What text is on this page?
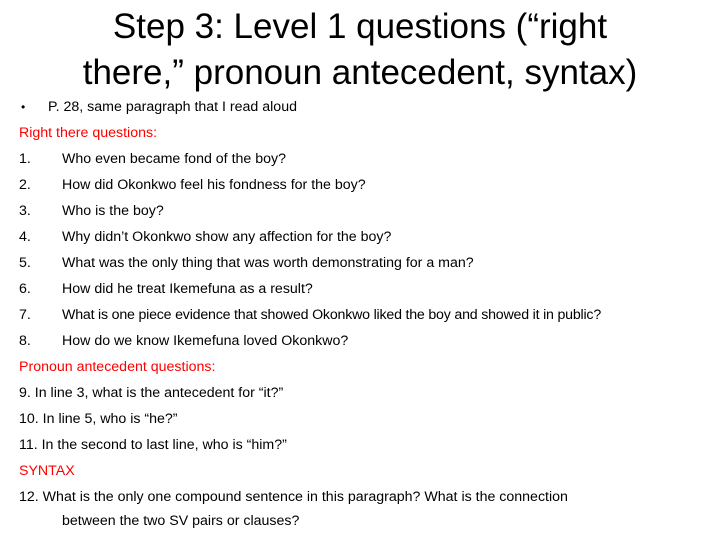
Step 3: Level 1 questions (“right
there,” pronoun antecedent, syntax)
• P. 28, same paragraph that I read aloud
Right there questions:
1. Who even became fond of the boy?
2. How did Okonkwo feel his fondness for the boy?
3. Who is the boy?
4. Why didn’t Okonkwo show any affection for the boy?
5. What was the only thing that was worth demonstrating for a man?
6. How did he treat Ikemefuna as a result?
7. What is one piece evidence that showed Okonkwo liked the boy and showed it in public?
8. How do we know Ikemefuna loved Okonkwo?
Pronoun antecedent questions:
9. In line 3, what is the antecedent for “it?”
10. In line 5, who is “he?”
11. In the second to last line, who is “him?”
SYNTAX
12. What is the only one compound sentence in this paragraph? What is the connection
between the two SV pairs or clauses?
